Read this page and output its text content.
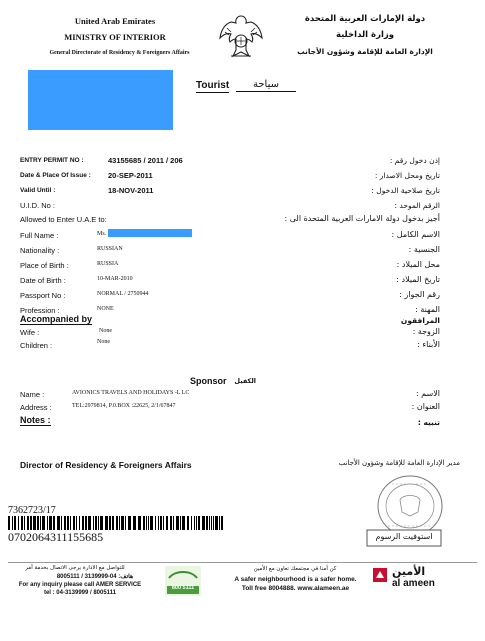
United Arab Emirates
MINISTRY OF INTERIOR
General Directorate of Residency & Foreigners Affairs
دولة الإمارات العربية المتحدة
وزارة الداخلية
الإدارة العامة للإقامة وشؤون الأجانب
Tourist	سياحة
ENTRY PERMIT NO :	43155685 / 2011 / 206	إذن دخول رقم :
Date & Place Of Issue : 20-SEP-2011	تاريخ ومحل الاصدار :
Valid Until :	18-NOV-2011	تاريخ صلاحية الدخول :
U.I.D. No :	الرقم الموحد :
Allowed to Enter U.A.E to:	أجيز بدخول دولة الامارات العربية المتحدة الى :
Full Name :	Ms.	الاسم الكامل :
Nationality :	RUSSIAN	الجنسية :
Place of Birth :	RUSSIA	محل الميلاد :
Date of Birth :	10-MAR-2010	تاريخ الميلاد :
Passport No :	NORMAL / 2750944	رقم الجواز :
Profession :	NONE	المهنة :
Accompanied by	المرافقون
Wife :	None	الزوجة :
Children :	None	الأبناء :
Sponsor	الكفيل
Name :	AVIONICS TRAVELS AND HOLIDAYS -L LC	الاسم :
Address :	TEL:2979814, P.0.BOX :22625, 2/1/67847	العنوان :
Notes :	تنبيه :
Director of Residency & Foreigners Affairs	مدير الإدارة العامة للإقامة وشؤون الأجانب
7362723/17
0702064311155685	استوفيت الرسوم
للتواصل مع الادارة يرجى الاتصال بخدمة آمر
هاتف: 04-3139999 / 8005111
For any inquiry please call AMER SERVICE
tel : 04-3139999 / 8005111
800 5111
كن أمنا في مجتمعك تعاون مع الأمين
A safer neighbourhood is a safer home.
Toll free 8004888. www.alameen.ae
الأمين
al ameen
